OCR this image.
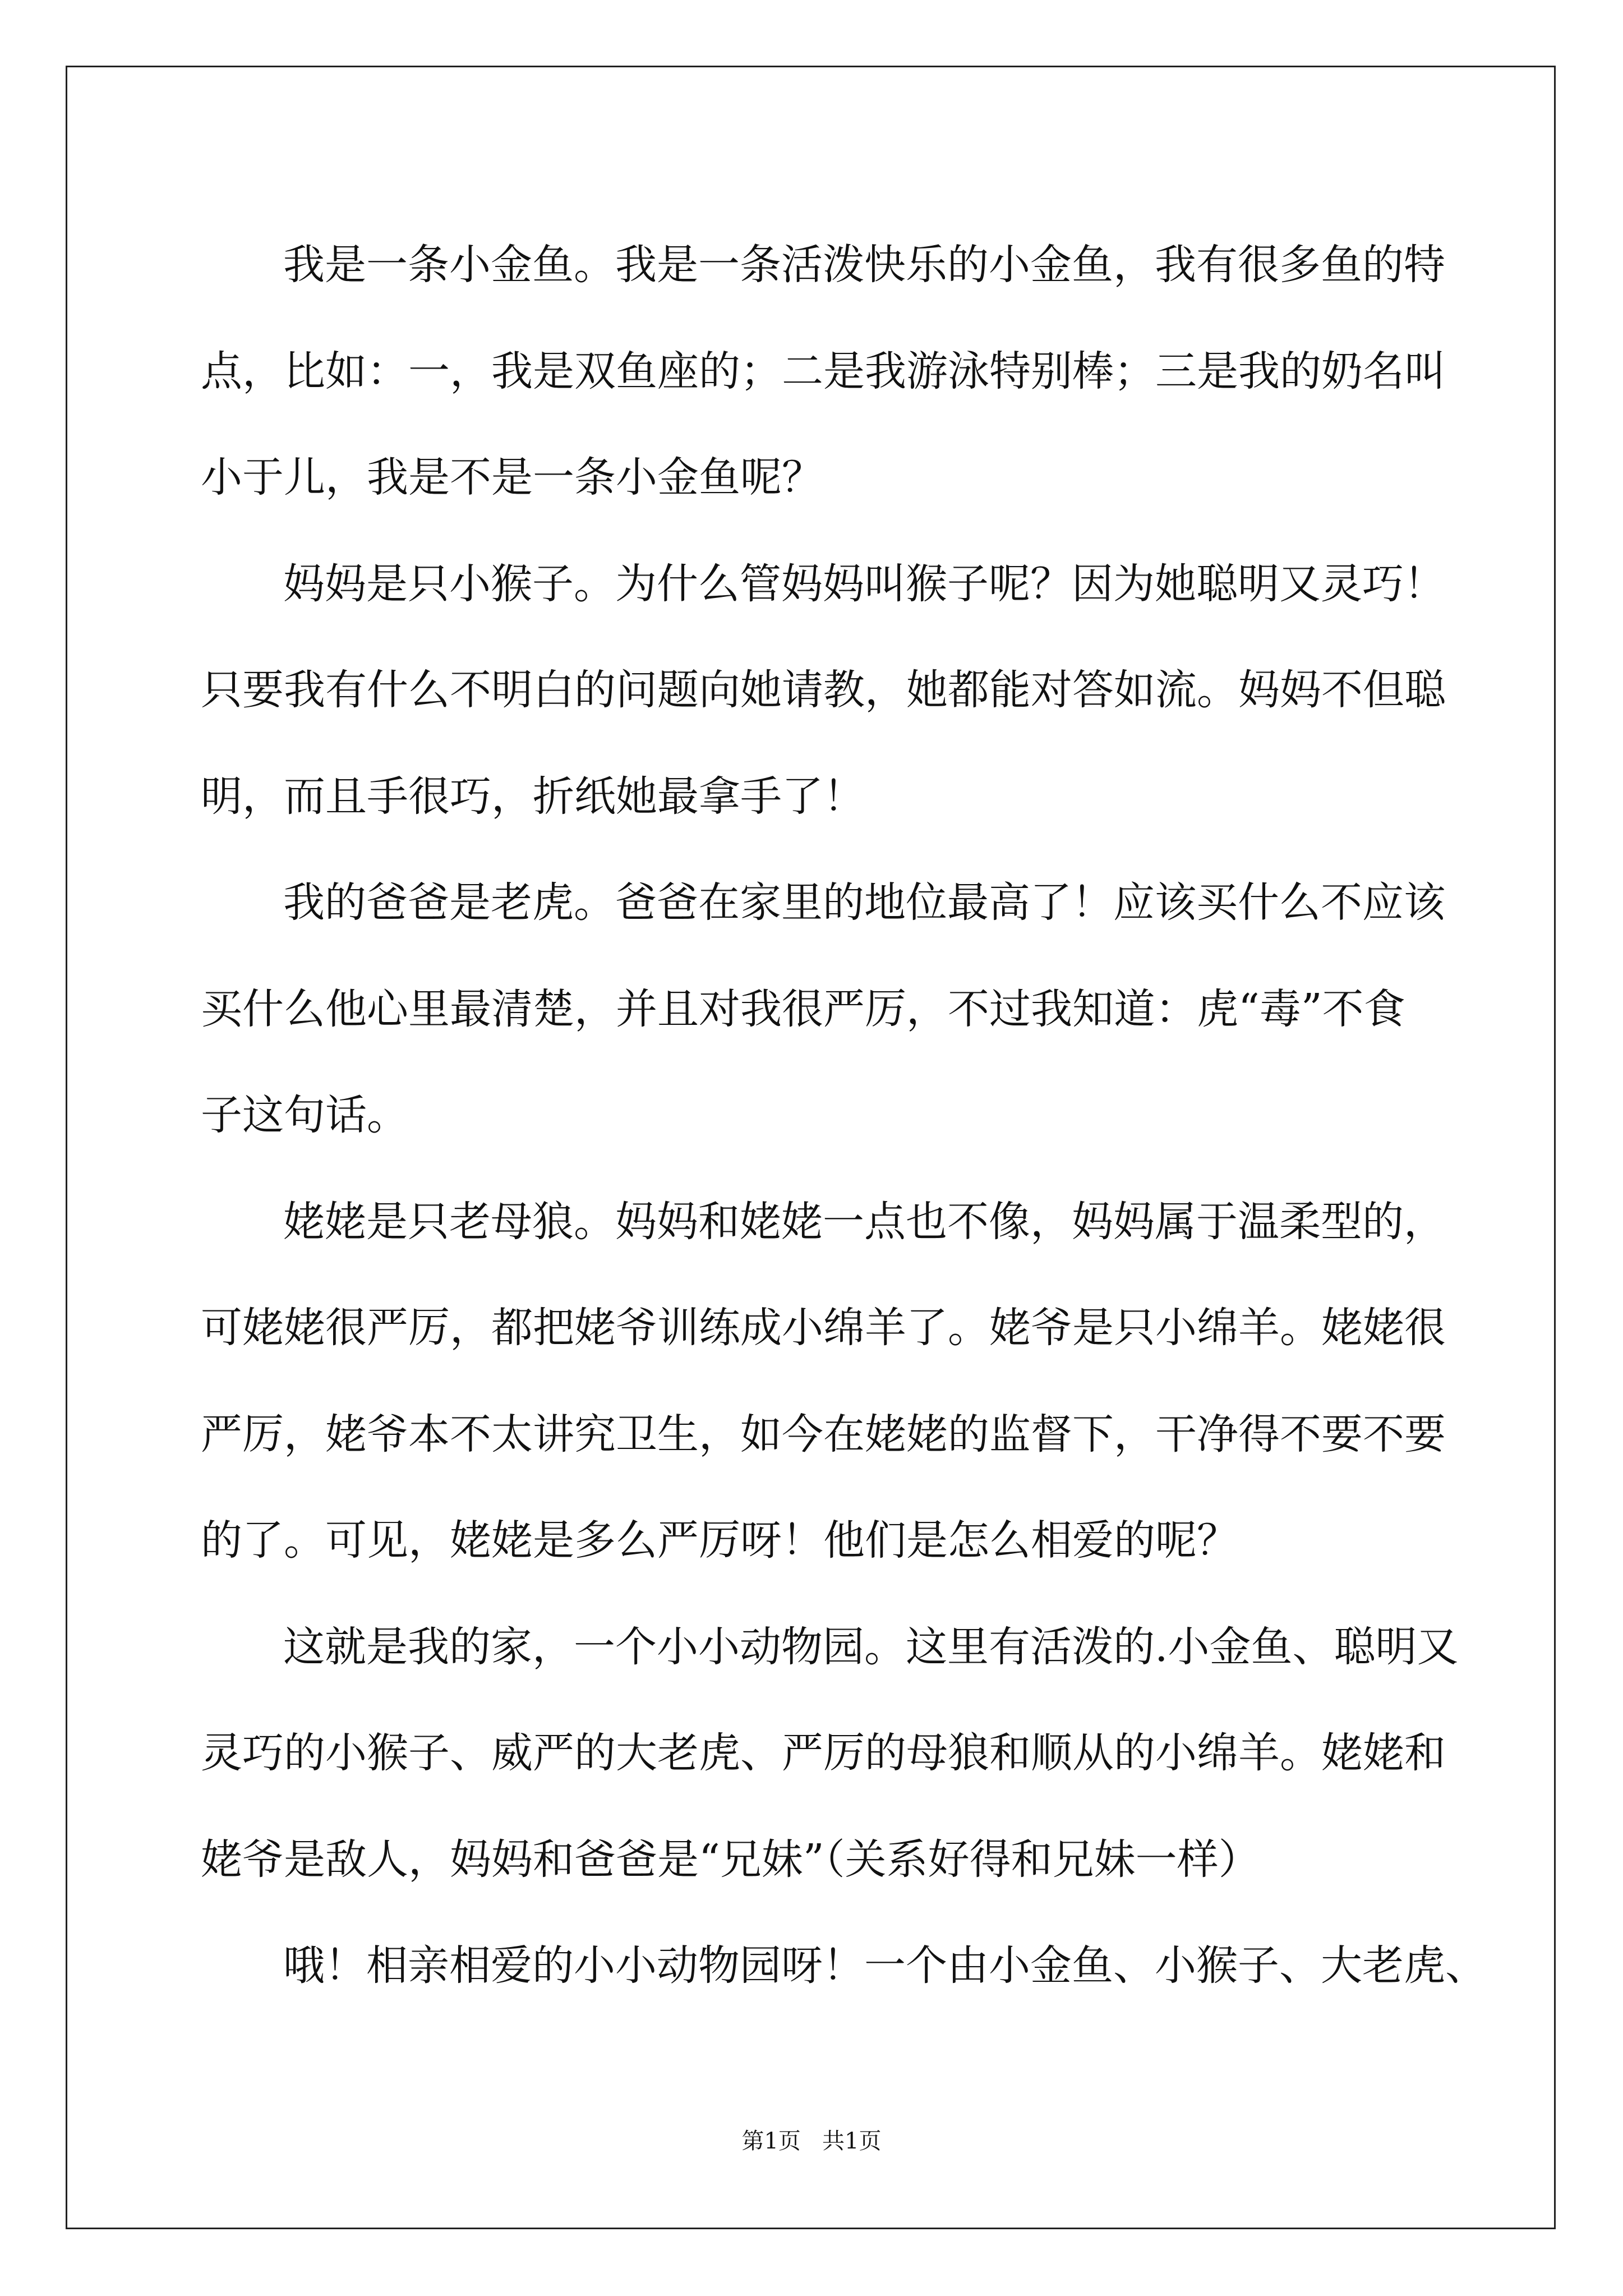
我是一条小金鱼。我是一条活泼快乐的小金鱼，我有很多鱼的特
点，比如：一，我是双鱼座的；二是我游泳特别棒；三是我的奶名叫
小于儿，我是不是一条小金鱼呢？
妈妈是只小猴子。为什么管妈妈叫猴子呢？因为她聪明又灵巧！
只要我有什么不明白的问题向她请教，她都能对答如流。妈妈不但聪
明，而且手很巧，折纸她最拿手了！
我的爸爸是老虎。爸爸在家里的地位最高了！应该买什么不应该
买什么他心里最清楚，并且对我很严厉，不过我知道：虎“毒”不食
子这句话。
姥姥是只老母狼。妈妈和姥姥一点也不像，妈妈属于温柔型的，
可姥姥很严厉，都把姥爷训练成小绵羊了。姥爷是只小绵羊。姥姥很
严厉，姥爷本不太讲究卫生，如今在姥姥的监督下，干净得不要不要
的了。可见，姥姥是多么严厉呀！他们是怎么相爱的呢？
这就是我的家，一个小小动物园。这里有活泼的.小金鱼、聪明又
灵巧的小猴子、威严的大老虎、严厉的母狼和顺从的小绵羊。姥姥和
姥爷是敌人，妈妈和爸爸是“兄妹”（关系好得和兄妹一样）
哦！相亲相爱的小小动物园呀！一个由小金鱼、小猴子、大老虎、
第1页   共1页
